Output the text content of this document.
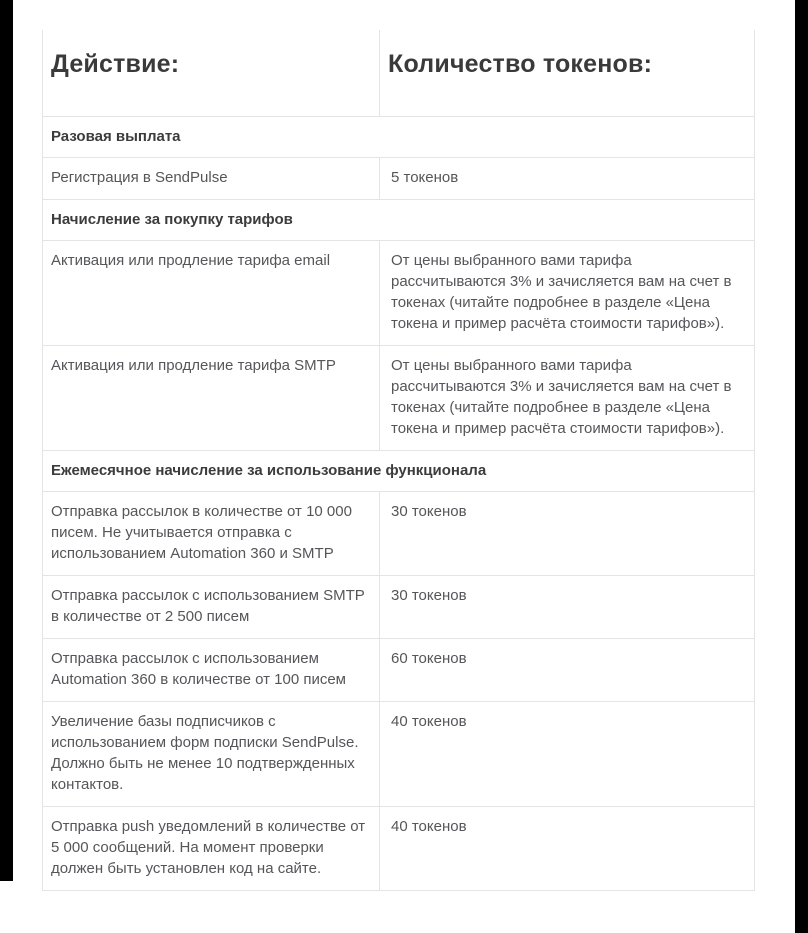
Действие:	Количество токенов:
Разовая выплата	
Регистрация в SendPulse	5 токенов
Начисление за покупку тарифов	
Активация или продление тарифа email	От цены выбранного вами тарифа рассчитываются 3% и зачисляется вам на счет в токенах (читайте подробнее в разделе «Цена токена и пример расчёта стоимости тарифов»).
Активация или продление тарифа SMTP	От цены выбранного вами тарифа рассчитываются 3% и зачисляется вам на счет в токенах (читайте подробнее в разделе «Цена токена и пример расчёта стоимости тарифов»).
Ежемесячное начисление за использование функционала	
Отправка рассылок в количестве от 10 000 писем. Не учитывается отправка с использованием Automation 360 и SMTP	30 токенов
Отправка рассылок с использованием SMTP в количестве от 2 500 писем	30 токенов
Отправка рассылок с использованием Automation 360 в количестве от 100 писем	60 токенов
Увеличение базы подписчиков с использованием форм подписки SendPulse. Должно быть не менее 10 подтвержденных контактов.	40 токенов
Отправка push уведомлений в количестве от 5 000 сообщений. На момент проверки должен быть установлен код на сайте.	40 токенов
